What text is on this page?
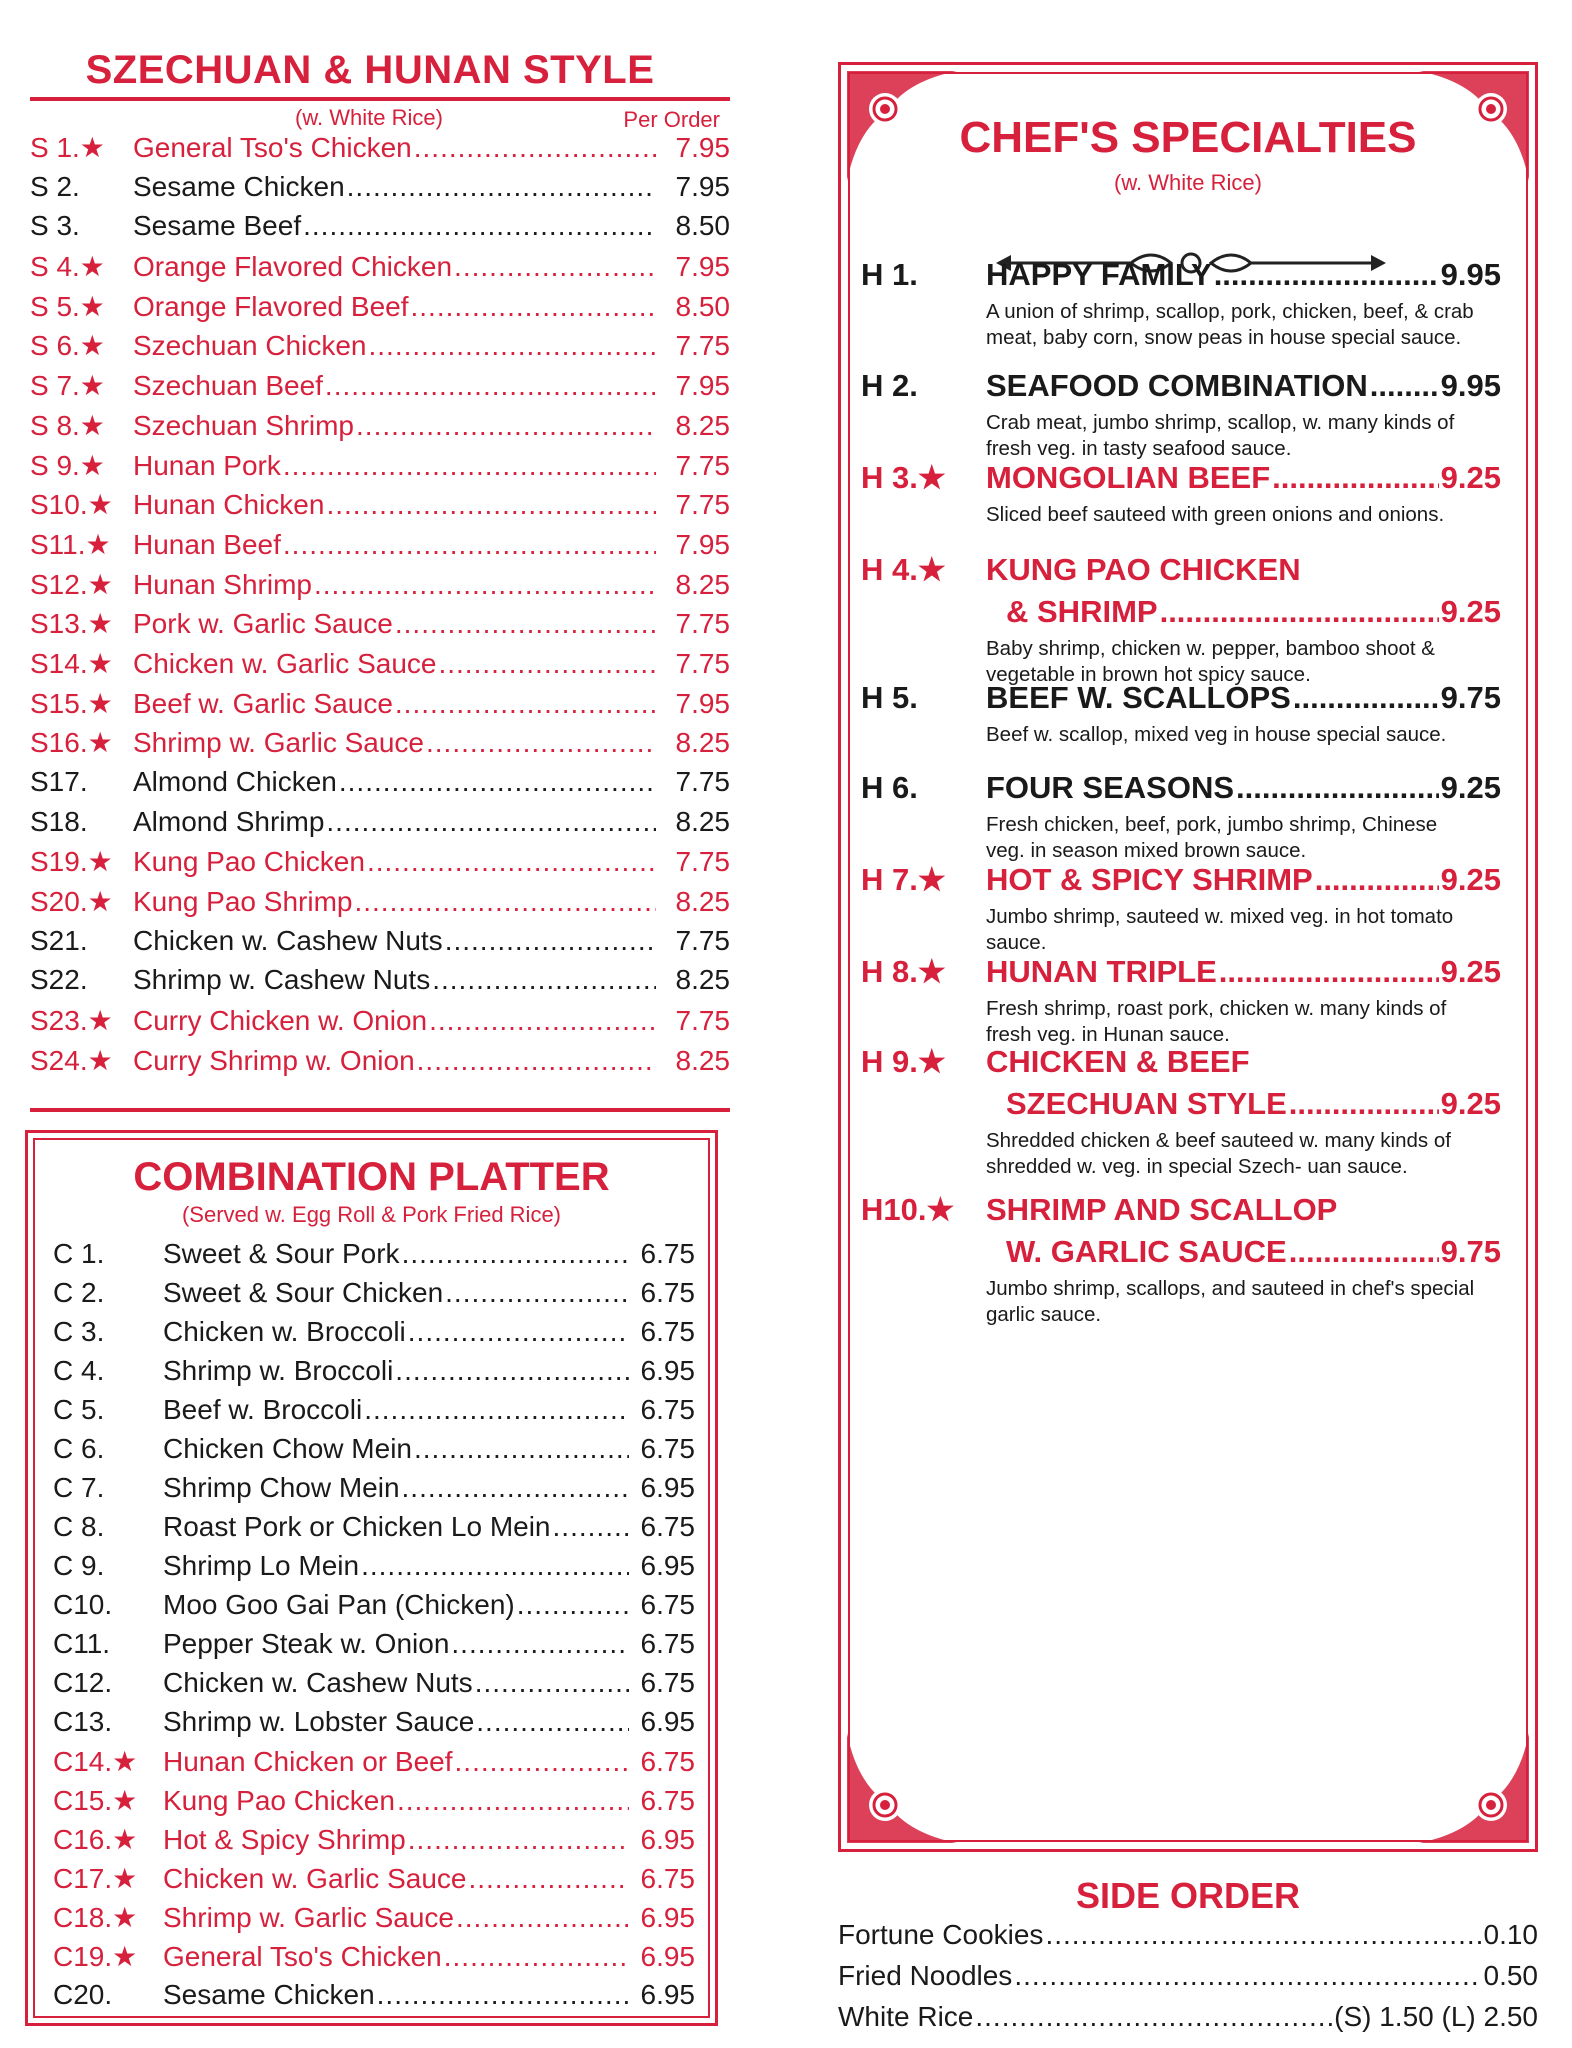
SZECHUAN & HUNAN STYLE
(w. White Rice)	Per Order
S 1.★	General Tso's Chicken .....	7.95
S 2.	Sesame Chicken .....	7.95
S 3.	Sesame Beef .....	8.50
S 4.★	Orange Flavored Chicken .....	7.95
S 5.★	Orange Flavored Beef .....	8.50
S 6.★	Szechuan Chicken .....	7.75
S 7.★	Szechuan Beef .....	7.95
S 8.★	Szechuan Shrimp .....	8.25
S 9.★	Hunan Pork .....	7.75
S10.★ Hunan Chicken .....	7.75
S11.★ Hunan Beef .....	7.95
S12.★ Hunan Shrimp .....	8.25
S13.★ Pork w. Garlic Sauce .....	7.75
S14.★ Chicken w. Garlic Sauce .....	7.75
S15.★ Beef w. Garlic Sauce .....	7.95
S16.★ Shrimp w. Garlic Sauce .....	8.25
S17.	Almond Chicken .....	7.75
S18.	Almond Shrimp .....	8.25
S19.★ Kung Pao Chicken .....	7.75
S20.★ Kung Pao Shrimp .....	8.25
S21.	Chicken w. Cashew Nuts .....	7.75
S22.	Shrimp w. Cashew Nuts .....	8.25
S23.★ Curry Chicken w. Onion .....	7.75
S24.★ Curry Shrimp w. Onion .....	8.25
COMBINATION PLATTER
(Served w. Egg Roll & Pork Fried Rice)
C 1.	Sweet & Sour Pork .....	6.75
C 2.	Sweet & Sour Chicken .....	6.75
C 3.	Chicken w. Broccoli .....	6.75
C 4.	Shrimp w. Broccoli .....	6.95
C 5.	Beef w. Broccoli .....	6.75
C 6.	Chicken Chow Mein .....	6.75
C 7.	Shrimp Chow Mein .....	6.95
C 8.	Roast Pork or Chicken Lo Mein .....	6.75
C 9.	Shrimp Lo Mein .....	6.95
C10.	Moo Goo Gai Pan (Chicken) .....	6.75
C11.	Pepper Steak w. Onion .....	6.75
C12.	Chicken w. Cashew Nuts .....	6.75
C13.	Shrimp w. Lobster Sauce .....	6.95
C14.★ Hunan Chicken or Beef .....	6.75
C15.★ Kung Pao Chicken .....	6.75
C16.★ Hot & Spicy Shrimp .....	6.95
C17.★ Chicken w. Garlic Sauce .....	6.75
C18.★ Shrimp w. Garlic Sauce .....	6.95
C19.★ General Tso's Chicken .....	6.95
C20.	Sesame Chicken .....	6.95
CHEF'S SPECIALTIES
(w. White Rice)
H 1.	HAPPY FAMILY .....	9.95
A union of shrimp, scallop, pork, chicken, beef, & crab meat, baby corn, snow peas in house special sauce.
H 2.	SEAFOOD COMBINATION ..... 9.95
Crab meat, jumbo shrimp, scallop, w. many kinds of fresh veg. in tasty seafood sauce.
H 3.★	MONGOLIAN BEEF .....	9.25
Sliced beef sauteed with green onions and onions.
H 4.★	KUNG PAO CHICKEN
& SHRIMP .....	9.25
Baby shrimp, chicken w. pepper, bamboo shoot & vegetable in brown hot spicy sauce.
H 5.	BEEF W. SCALLOPS .....	9.75
Beef w. scallop, mixed veg in house special sauce.
H 6.	FOUR SEASONS .....	9.25
Fresh chicken, beef, pork, jumbo shrimp, Chinese veg. in season mixed brown sauce.
H 7.★	HOT & SPICY SHRIMP .....	9.25
Jumbo shrimp, sauteed w. mixed veg. in hot tomato sauce.
H 8.★	HUNAN TRIPLE .....	9.25
Fresh shrimp, roast pork, chicken w. many kinds of fresh veg. in Hunan sauce.
H 9.★	CHICKEN & BEEF
SZECHUAN STYLE .....	9.25
Shredded chicken & beef sauteed w. many kinds of shredded w. veg. in special Szech- uan sauce.
H10.★	SHRIMP AND SCALLOP
W. GARLIC SAUCE .....	9.75
Jumbo shrimp, scallops, and sauteed in chef's special garlic sauce.
SIDE ORDER
Fortune Cookies .....	0.10
Fried Noodles .....	0.50
White Rice .....	(S) 1.50 (L) 2.50
